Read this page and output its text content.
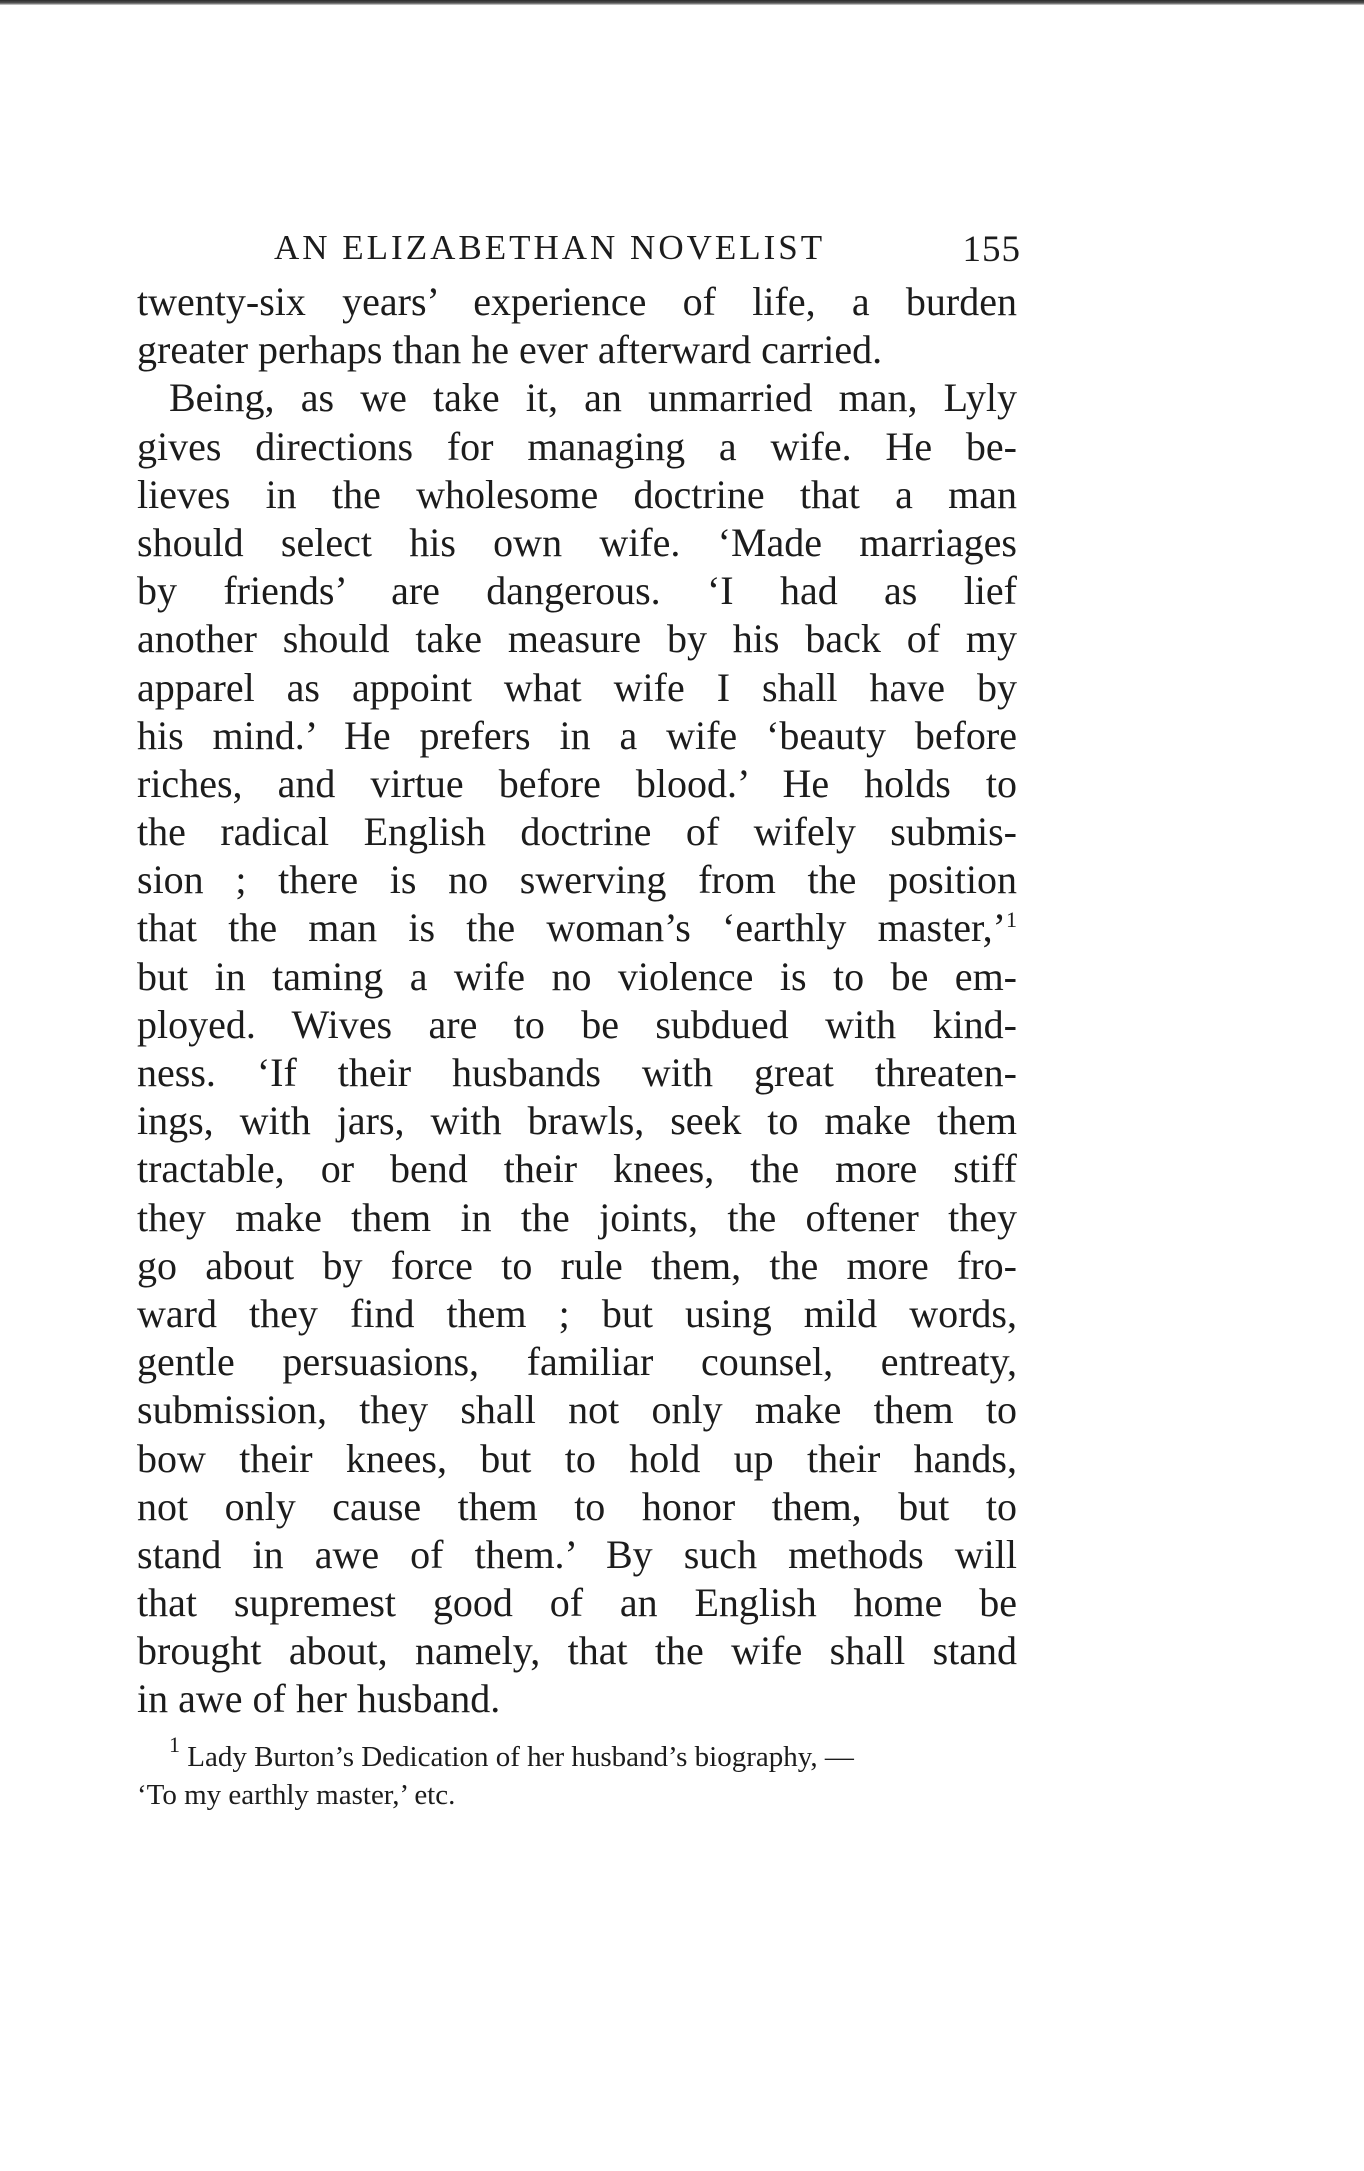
AN ELIZABETHAN NOVELIST	155
twenty-six years’ experience of life, a burden
greater perhaps than he ever afterward carried.
Being, as we take it, an unmarried man, Lyly
gives directions for managing a wife. He be-
lieves in the wholesome doctrine that a man
should select his own wife. ‘Made marriages
by friends’ are dangerous. ‘I had as lief
another should take measure by his back of my
apparel as appoint what wife I shall have by
his mind.’ He prefers in a wife ‘beauty before
riches, and virtue before blood.’ He holds to
the radical English doctrine of wifely submis-
sion ; there is no swerving from the position
that the man is the woman’s ‘earthly master,’$^1$
but in taming a wife no violence is to be em-
ployed. Wives are to be subdued with kind-
ness. ‘If their husbands with great threaten-
ings, with jars, with brawls, seek to make them
tractable, or bend their knees, the more stiff
they make them in the joints, the oftener they
go about by force to rule them, the more fro-
ward they find them ; but using mild words,
gentle persuasions, familiar counsel, entreaty,
submission, they shall not only make them to
bow their knees, but to hold up their hands,
not only cause them to honor them, but to
stand in awe of them.’ By such methods will
that supremest good of an English home be
brought about, namely, that the wife shall stand
in awe of her husband.
$^1$ Lady Burton’s Dedication of her husband’s biography, —
‘To my earthly master,’ etc.
